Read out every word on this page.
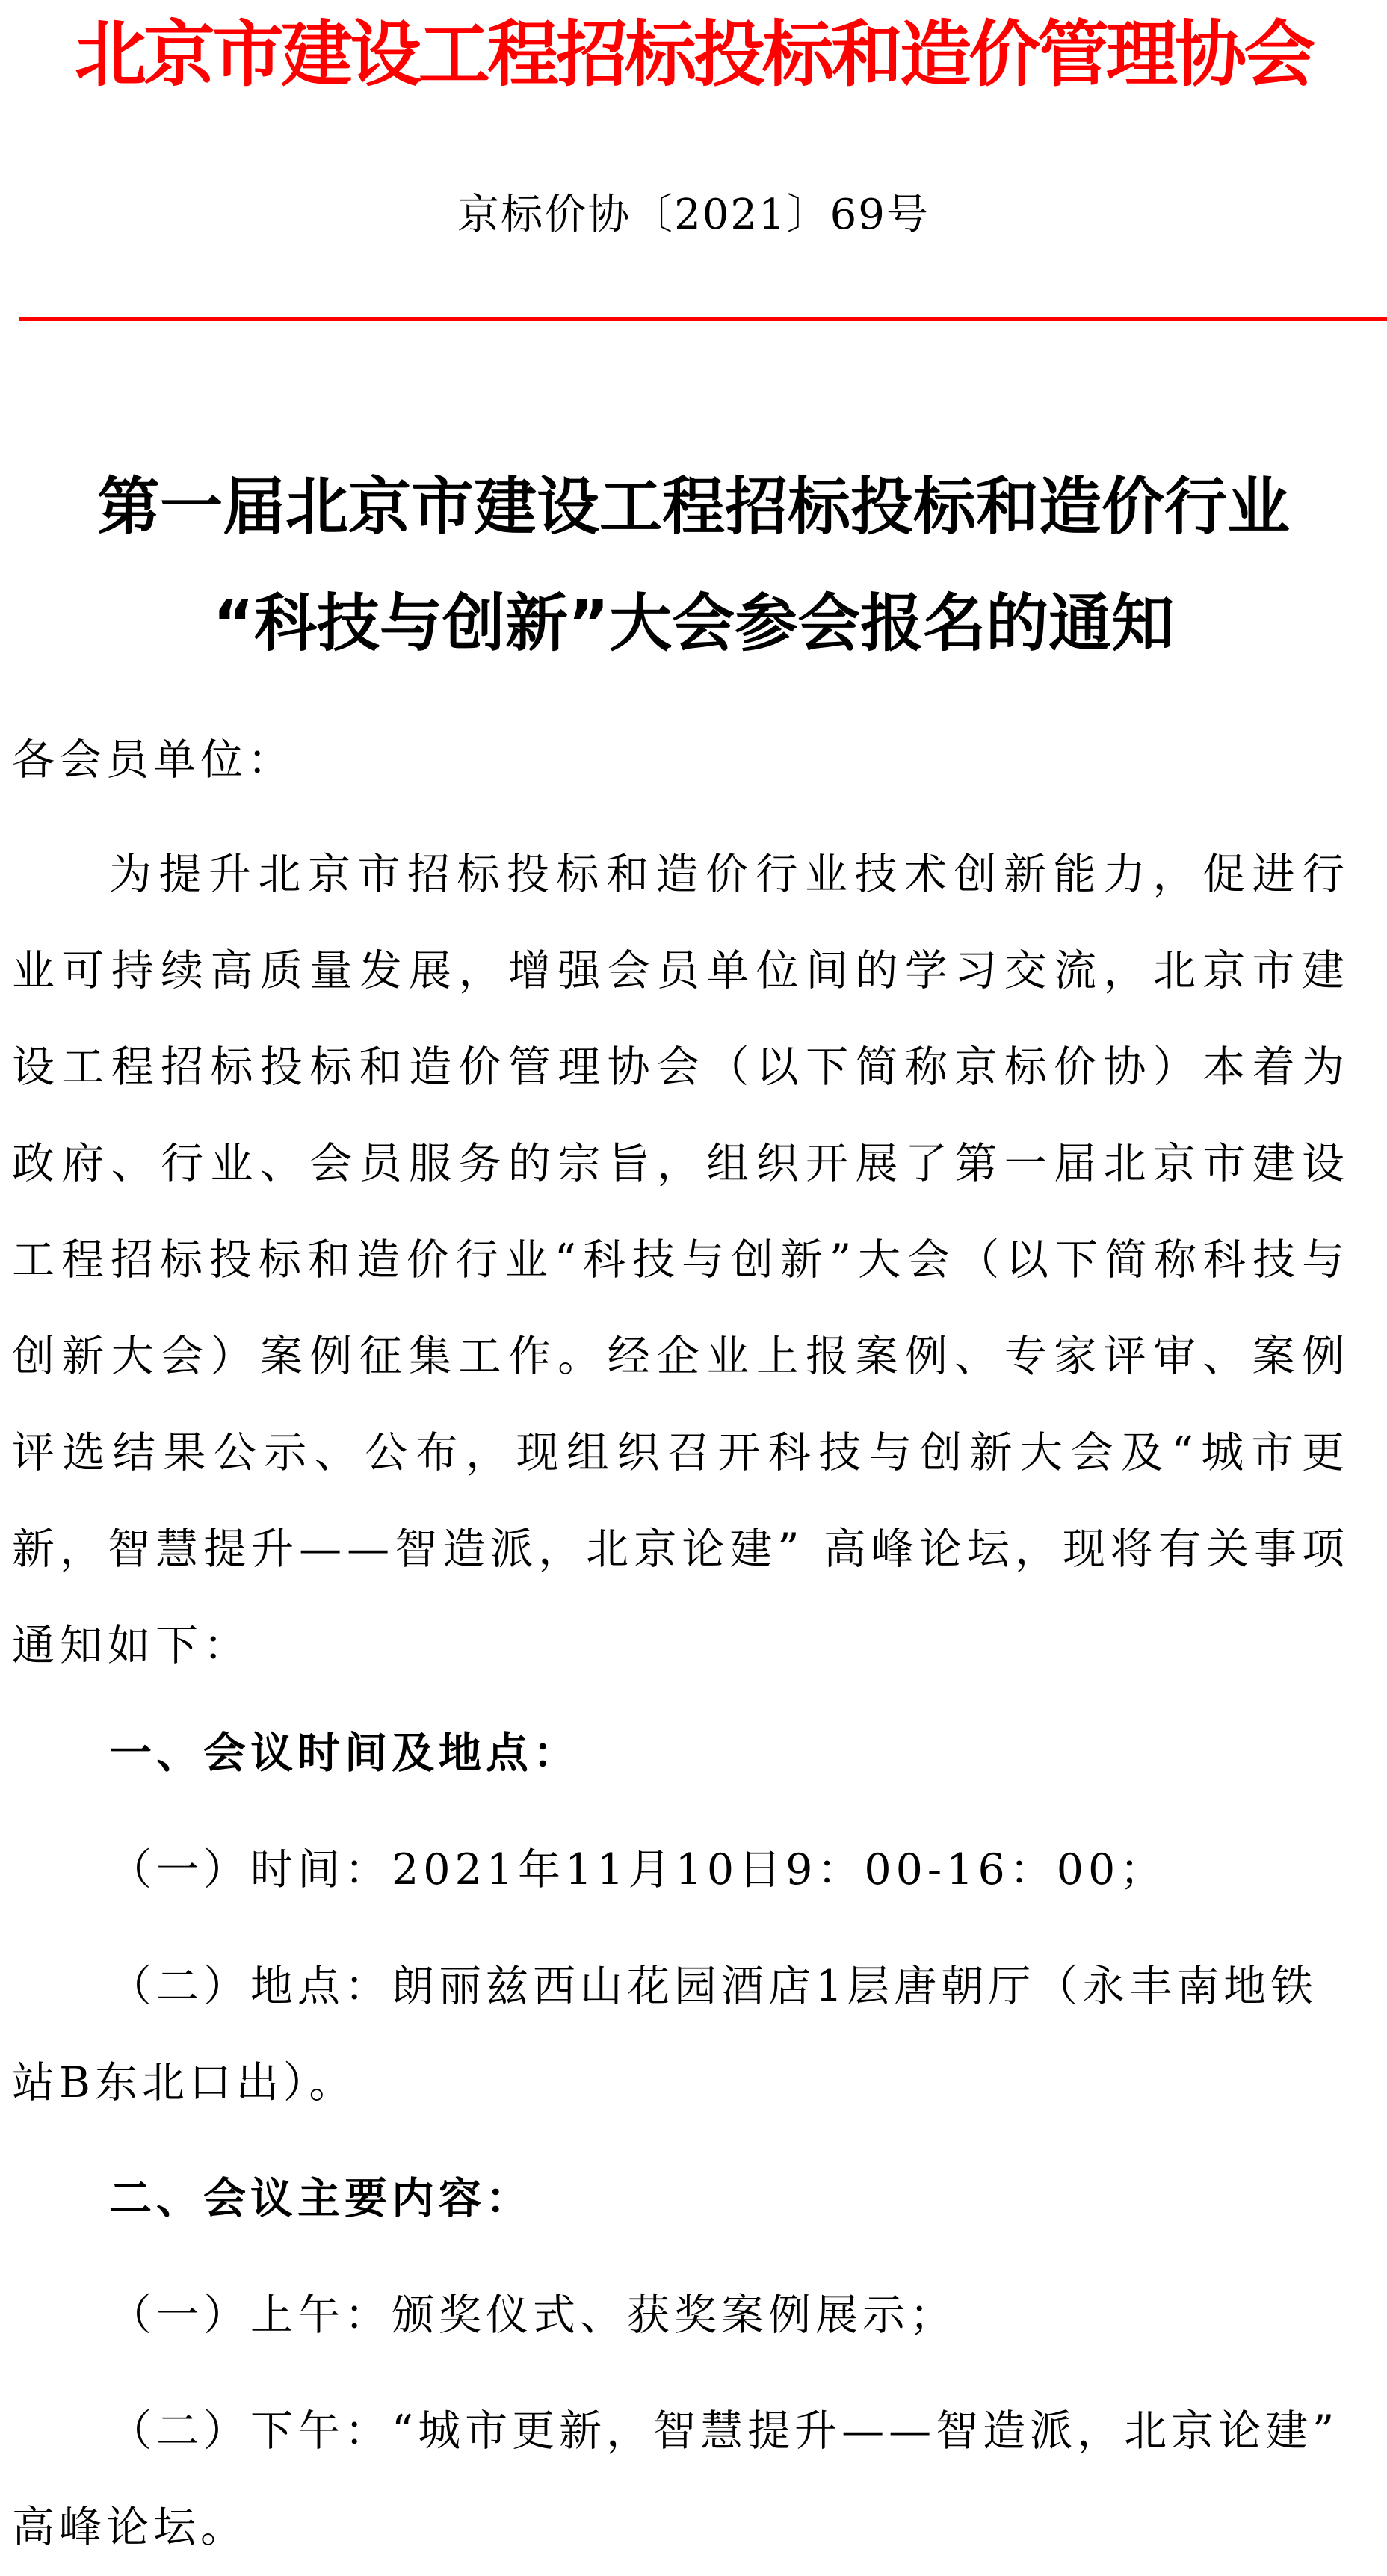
北京市建设工程招标投标和造价管理协会
京标价协〔2021〕69号
第一届北京市建设工程招标投标和造价行业
“科技与创新”大会参会报名的通知
各会员单位：
为提升北京市招标投标和造价行业技术创新能力，促进行业可持续高质量发展，增强会员单位间的学习交流，北京市建设工程招标投标和造价管理协会（以下简称京标价协）本着为政府、行业、会员服务的宗旨，组织开展了第一届北京市建设工程招标投标和造价行业“科技与创新”大会（以下简称科技与创新大会）案例征集工作。经企业上报案例、专家评审、案例评选结果公示、公布，现组织召开科技与创新大会及“城市更新，智慧提升——智造派，北京论建” 高峰论坛，现将有关事项通知如下：
一、会议时间及地点：
（一）时间：2021年11月10日9：00-16：00；
（二）地点：朗丽兹西山花园酒店1层唐朝厅（永丰南地铁站B东北口出）。
二、会议主要内容：
（一）上午：颁奖仪式、获奖案例展示；
（二）下午：“城市更新，智慧提升——智造派，北京论建” 高峰论坛。
